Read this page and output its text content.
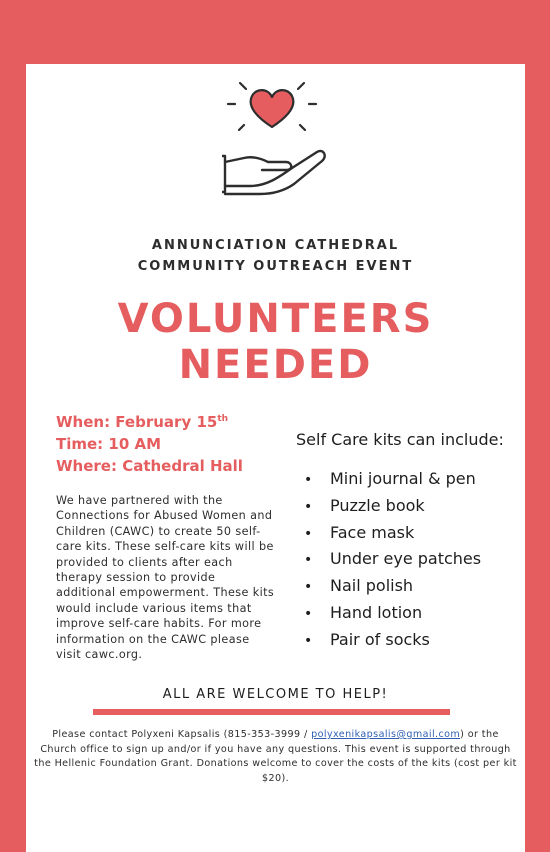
ANNUNCIATION CATHEDRAL
COMMUNITY OUTREACH EVENT
VOLUNTEERS
NEEDED
When: February 15th
Time: 10 AM
Where: Cathedral Hall
We have partnered with the Connections for Abused Women and Children (CAWC) to create 50 self-care kits. These self-care kits will be provided to clients after each therapy session to provide additional empowerment. These kits would include various items that improve self-care habits. For more information on the CAWC please visit cawc.org.
Self Care kits can include:
• Mini journal & pen
• Puzzle book
• Face mask
• Under eye patches
• Nail polish
• Hand lotion
• Pair of socks
ALL ARE WELCOME TO HELP!
Please contact Polyxeni Kapsalis (815-353-3999 / polyxenikapsalis@gmail.com) or the Church office to sign up and/or if you have any questions. This event is supported through the Hellenic Foundation Grant. Donations welcome to cover the costs of the kits (cost per kit $20).
